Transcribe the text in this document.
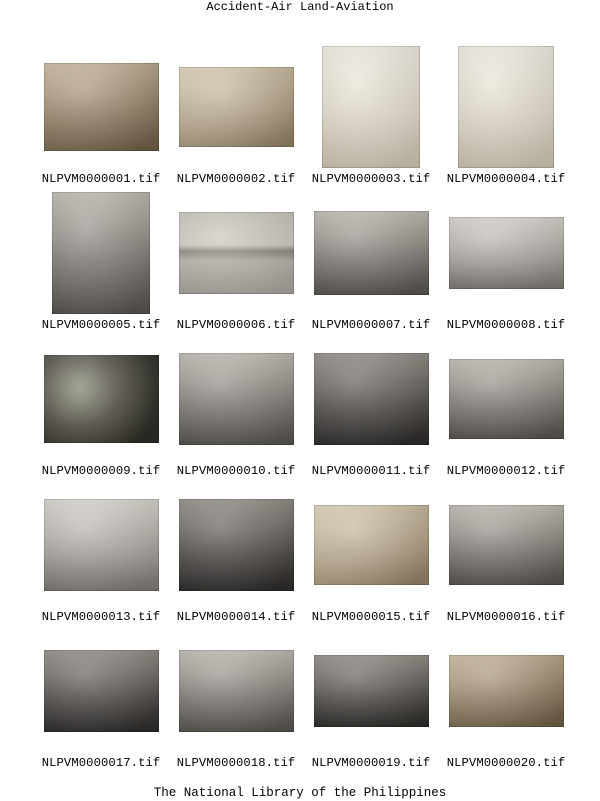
Accident-Air Land-Aviation
NLPVM0000001.tif	NLPVM0000002.tif	NLPVM0000003.tif	NLPVM0000004.tif
NLPVM0000005.tif	NLPVM0000006.tif	NLPVM0000007.tif	NLPVM0000008.tif
NLPVM0000009.tif	NLPVM0000010.tif	NLPVM0000011.tif	NLPVM0000012.tif
NLPVM0000013.tif	NLPVM0000014.tif	NLPVM0000015.tif	NLPVM0000016.tif
NLPVM0000017.tif	NLPVM0000018.tif	NLPVM0000019.tif	NLPVM0000020.tif
The National Library of the Philippines
